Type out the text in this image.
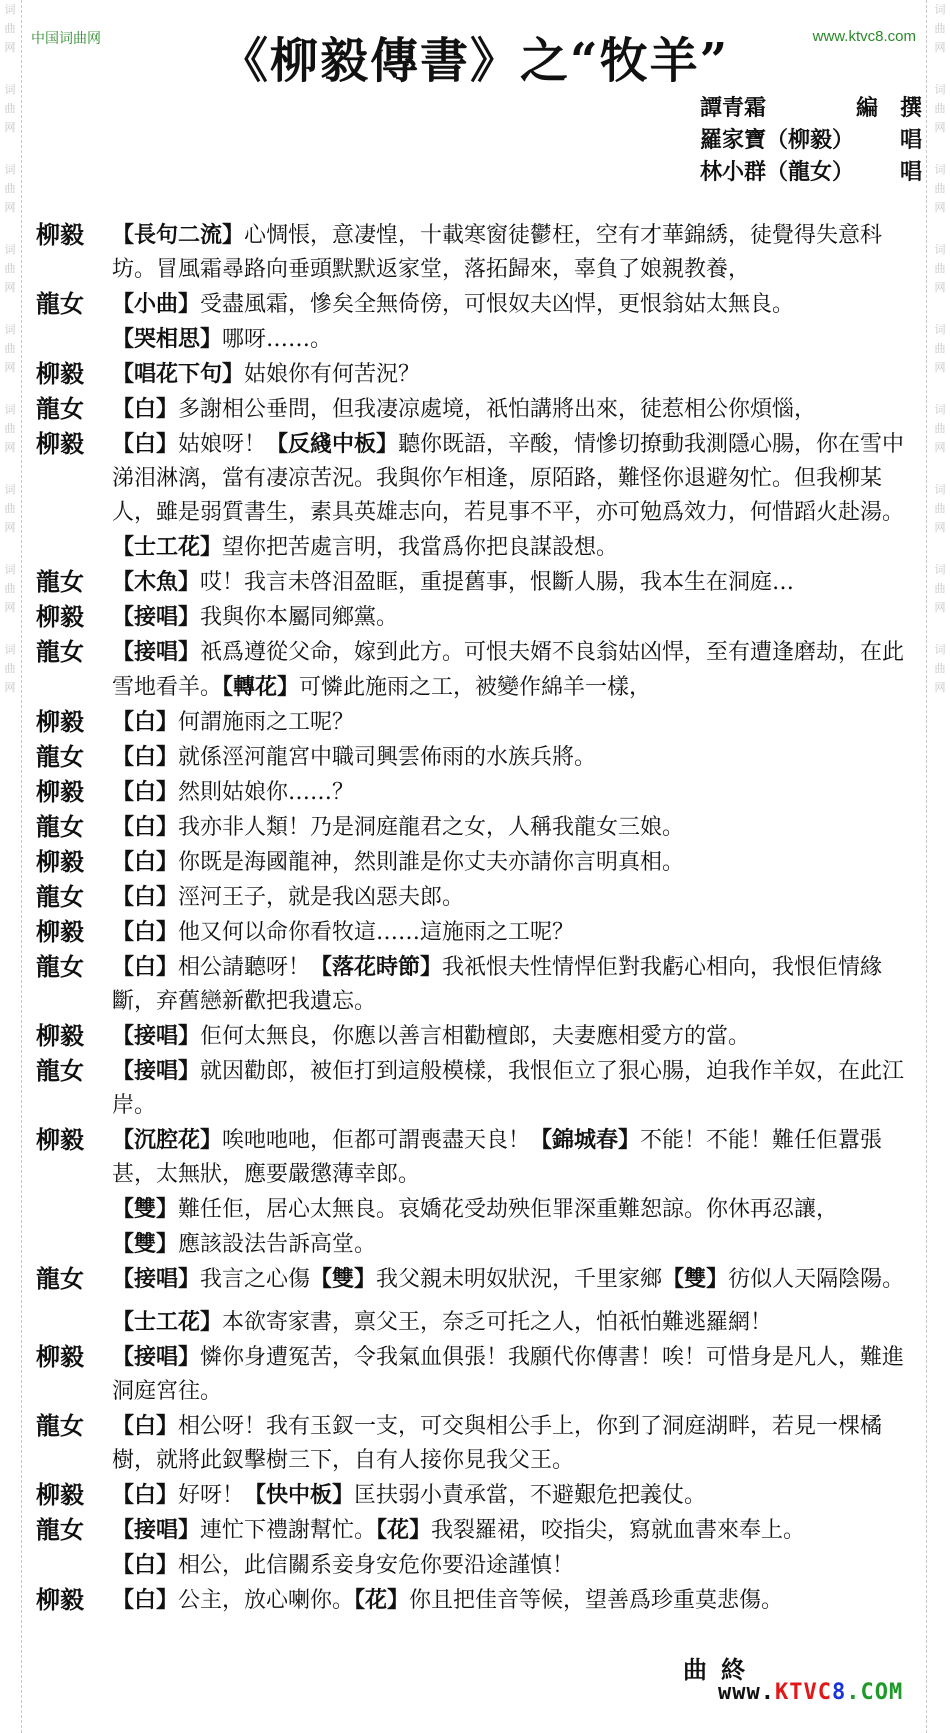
词
曲
网
词
曲
网
词
曲
网
词
曲
网
词
曲
网
词
曲
网
词
曲
网
词
曲
网
词
曲
网
词
曲
网
词
曲
网
词
曲
网
词
曲
网
词
曲
网
词
曲
网
词
曲
网
词
曲
网
词
曲
网
中国词曲网	www.ktvc8.com
《柳毅傳書》之“牧羊”
譚青霜	編　撰
羅家寶（柳毅） 唱
林小群（龍女） 唱
柳毅	【長句二流】心惆悵，意凄惶，十載寒窗徒鬱枉，空有才華錦綉，徒覺得失意科坊。冒風霜尋路向垂頭默默返家堂，落拓歸來，辜負了娘親教養，
龍女	【小曲】受盡風霜，慘矣全無倚傍，可恨奴夫凶悍，更恨翁姑太無良。
【哭相思】哪呀……。
柳毅	【唱花下句】姑娘你有何苦況？
龍女	【白】多謝相公垂問，但我凄凉處境，祇怕講將出來，徒惹相公你煩惱，
柳毅	【白】姑娘呀！【反綫中板】聽你既語，辛酸，情慘切撩動我測隱心腸，你在雪中涕泪淋漓，當有凄凉苦況。我與你乍相逢，原陌路，難怪你退避匆忙。但我柳某人，雖是弱質書生，素具英雄志向，若見事不平，亦可勉爲效力，何惜蹈火赴湯。【士工花】望你把苦處言明，我當爲你把良謀設想。
龍女	【木魚】哎！我言未啓泪盈眶，重提舊事，恨斷人腸，我本生在洞庭…
柳毅	【接唱】我與你本屬同鄉黨。
龍女	【接唱】祇爲遵從父命，嫁到此方。可恨夫婿不良翁姑凶悍，至有遭逢磨劫，在此雪地看羊。【轉花】可憐此施雨之工，被變作綿羊一樣，
柳毅	【白】何謂施雨之工呢？
龍女	【白】就係涇河龍宮中職司興雲佈雨的水族兵將。
柳毅	【白】然則姑娘你……？
龍女	【白】我亦非人類！乃是洞庭龍君之女，人稱我龍女三娘。
柳毅	【白】你既是海國龍神，然則誰是你丈夫亦請你言明真相。
龍女	【白】涇河王子，就是我凶惡夫郎。
柳毅	【白】他又何以命你看牧這……這施雨之工呢？
龍女	【白】相公請聽呀！【落花時節】我祇恨夫性情悍佢對我虧心相向，我恨佢情緣斷，弃舊戀新歡把我遺忘。
柳毅	【接唱】佢何太無良，你應以善言相勸檀郎，夫妻應相愛方的當。
龍女	【接唱】就因勸郎，被佢打到這般模樣，我恨佢立了狠心腸，迫我作羊奴，在此江岸。
柳毅	【沉腔花】唉吔吔吔，佢都可謂喪盡天良！【錦城春】不能！不能！難任佢囂張甚，太無狀，應要嚴懲薄幸郎。
【雙】難任佢，居心太無良。哀嬌花受劫殃佢罪深重難恕諒。你休再忍讓，
【雙】應該設法告訴高堂。
龍女	【接唱】我言之心傷【雙】我父親未明奴狀況，千里家鄉【雙】彷似人天隔陰陽。
【士工花】本欲寄家書，禀父王，奈乏可托之人，怕祇怕難逃羅網！
柳毅	【接唱】憐你身遭冤苦，令我氣血俱張！我願代你傳書！唉！可惜身是凡人，難進洞庭宮往。
龍女	【白】相公呀！我有玉釵一支，可交與相公手上，你到了洞庭湖畔，若見一棵橘樹，就將此釵擊樹三下，自有人接你見我父王。
柳毅	【白】好呀！【快中板】匡扶弱小責承當，不避艱危把義仗。
龍女	【接唱】連忙下禮謝幫忙。【花】我裂羅裙，咬指尖，寫就血書來奉上。
【白】相公，此信關系妾身安危你要沿途謹慎！
柳毅	【白】公主，放心喇你。【花】你且把佳音等候，望善爲珍重莫悲傷。
曲終
www.KTVC8.COM
